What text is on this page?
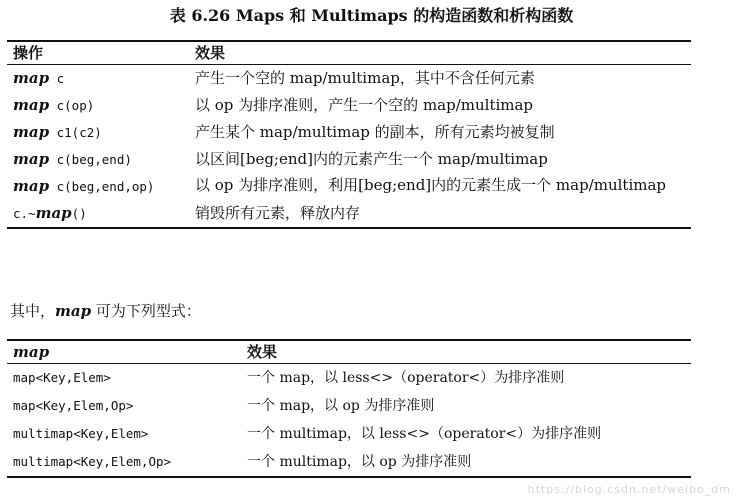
表 6.26 Maps 和 Multimaps 的构造函数和析构函数
操作	效果
map c	产生一个空的 map/multimap，其中不含任何元素
map c(op)	以 op 为排序准则，产生一个空的 map/multimap
map c1(c2)	产生某个 map/multimap 的副本，所有元素均被复制
map c(beg,end)	以区间[beg;end]内的元素产生一个 map/multimap
map c(beg,end,op)	以 op 为排序准则，利用[beg;end]内的元素生成一个 map/multimap
c.~map()	销毁所有元素，释放内存
其中，map 可为下列型式：
map	效果
map<Key,Elem>	一个 map，以 less<>（operator<）为排序准则
map<Key,Elem,Op>	一个 map，以 op 为排序准则
multimap<Key,Elem>	一个 multimap，以 less<>（operator<）为排序准则
multimap<Key,Elem,Op>	一个 multimap，以 op 为排序准则
https://blog.csdn.net/weibo_dm
